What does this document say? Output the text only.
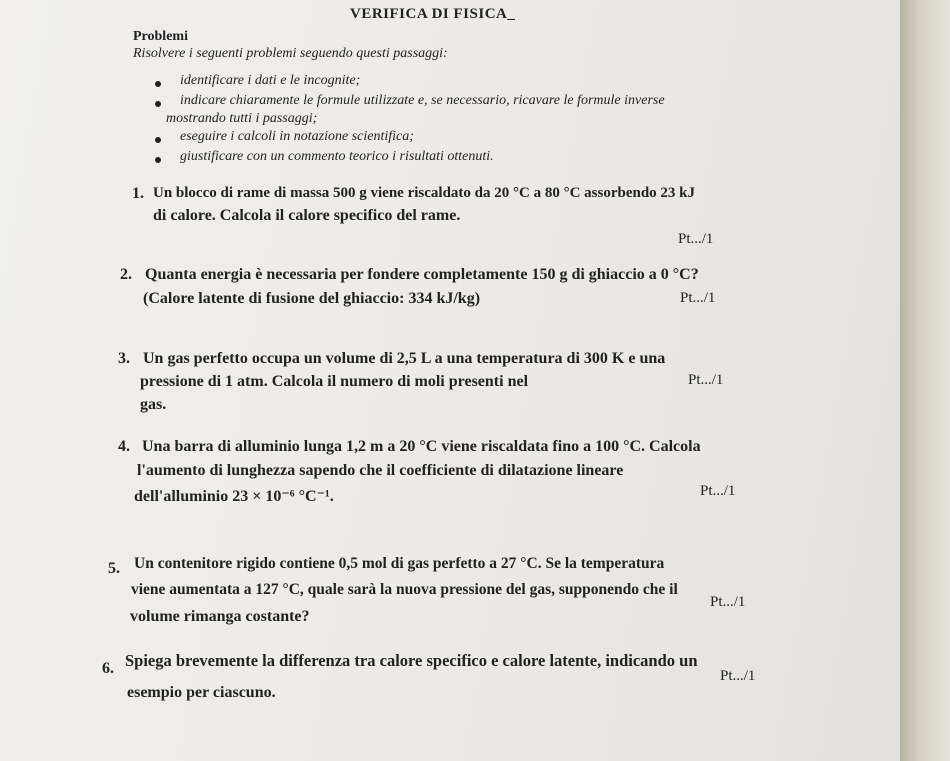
VERIFICA DI FISICA_
Problemi
Risolvere i seguenti problemi seguendo questi passaggi:
identificare i dati e le incognite;
indicare chiaramente le formule utilizzate e, se necessario, ricavare le formule inverse
mostrando tutti i passaggi;
eseguire i calcoli in notazione scientifica;
giustificare con un commento teorico i risultati ottenuti.
1. Un blocco di rame di massa 500 g viene riscaldato da 20 °C a 80 °C assorbendo 23 kJ
di calore. Calcola il calore specifico del rame.
Pt.../1
2. Quanta energia è necessaria per fondere completamente 150 g di ghiaccio a 0 °C?
(Calore latente di fusione del ghiaccio: 334 kJ/kg)	Pt.../1
3. Un gas perfetto occupa un volume di 2,5 L a una temperatura di 300 K e una
pressione di 1 atm. Calcola il numero di moli presenti nel	Pt.../1
gas.
4. Una barra di alluminio lunga 1,2 m a 20 °C viene riscaldata fino a 100 °C. Calcola
l'aumento di lunghezza sapendo che il coefficiente di dilatazione lineare
dell'alluminio 23 × 10⁻⁶ °C⁻¹.	Pt.../1
5. Un contenitore rigido contiene 0,5 mol di gas perfetto a 27 °C. Se la temperatura
viene aumentata a 127 °C, quale sarà la nuova pressione del gas, supponendo che il
Pt.../1
volume rimanga costante?
6. Spiega brevemente la differenza tra calore specifico e calore latente, indicando un
Pt.../1
esempio per ciascuno.
